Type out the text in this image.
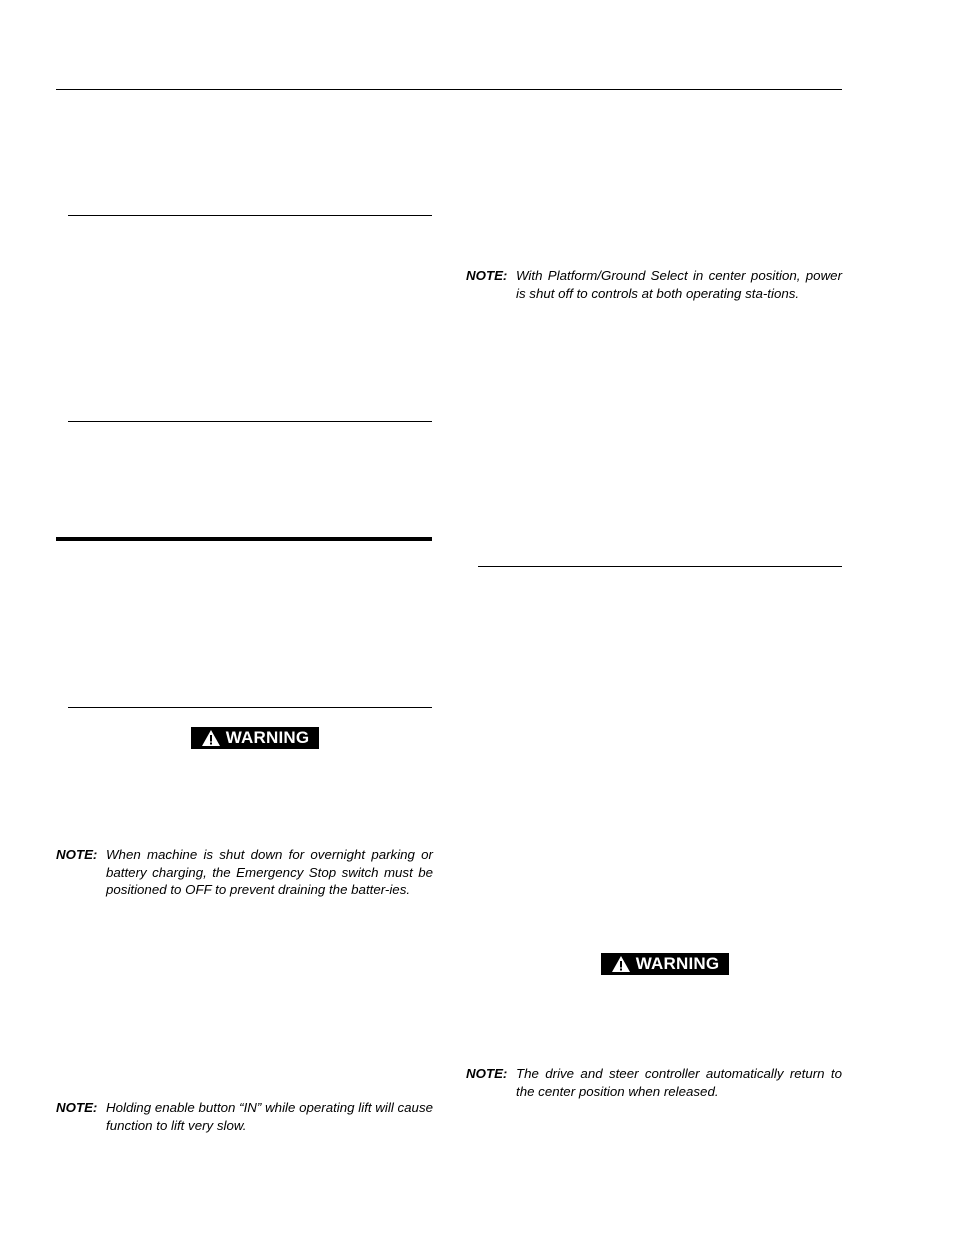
WARNING
WARNING
NOTE: With Platform/Ground Select in center position, power is shut off to controls at both operating sta-tions.
NOTE: When machine is shut down for overnight parking or battery charging, the Emergency Stop switch must be positioned to OFF to prevent draining the batter-ies.
NOTE: Holding enable button “IN” while operating lift will cause function to lift very slow.
NOTE: The drive and steer controller automatically return to the center position when released.
